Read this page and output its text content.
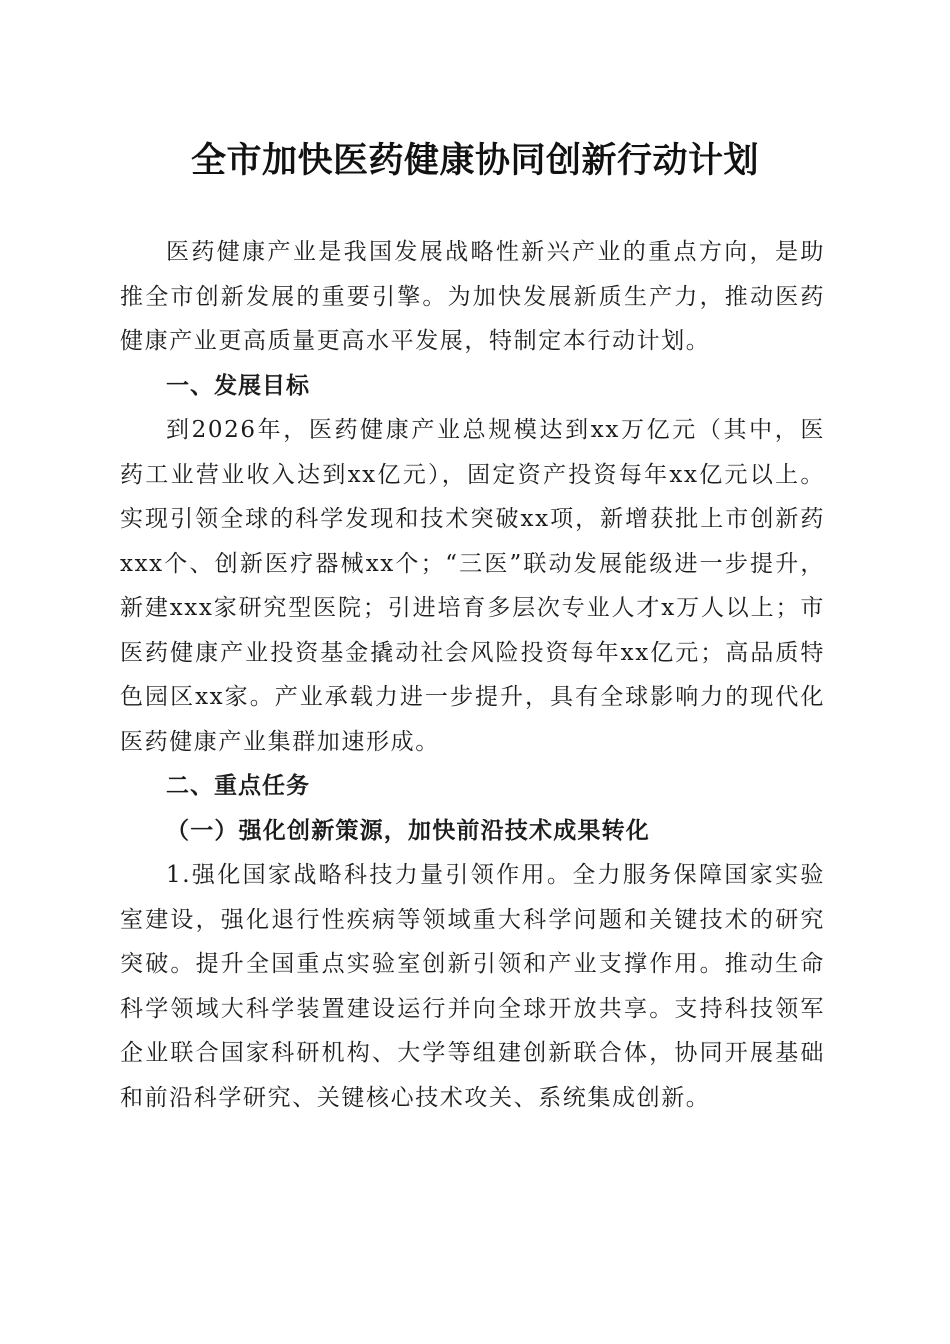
全市加快医药健康协同创新行动计划

医药健康产业是我国发展战略性新兴产业的重点方向，是助推全市创新发展的重要引擎。为加快发展新质生产力，推动医药健康产业更高质量更高水平发展，特制定本行动计划。

一、发展目标

到2026年，医药健康产业总规模达到xx万亿元（其中，医药工业营业收入达到xx亿元），固定资产投资每年xx亿元以上。实现引领全球的科学发现和技术突破xx项，新增获批上市创新药xxx个、创新医疗器械xx个；“三医”联动发展能级进一步提升，新建xxx家研究型医院；引进培育多层次专业人才x万人以上；市医药健康产业投资基金撬动社会风险投资每年xx亿元；高品质特色园区xx家。产业承载力进一步提升，具有全球影响力的现代化医药健康产业集群加速形成。

二、重点任务

（一）强化创新策源，加快前沿技术成果转化

1.强化国家战略科技力量引领作用。全力服务保障国家实验室建设，强化退行性疾病等领域重大科学问题和关键技术的研究突破。提升全国重点实验室创新引领和产业支撑作用。推动生命科学领域大科学装置建设运行并向全球开放共享。支持科技领军企业联合国家科研机构、大学等组建创新联合体，协同开展基础和前沿科学研究、关键核心技术攻关、系统集成创新。
